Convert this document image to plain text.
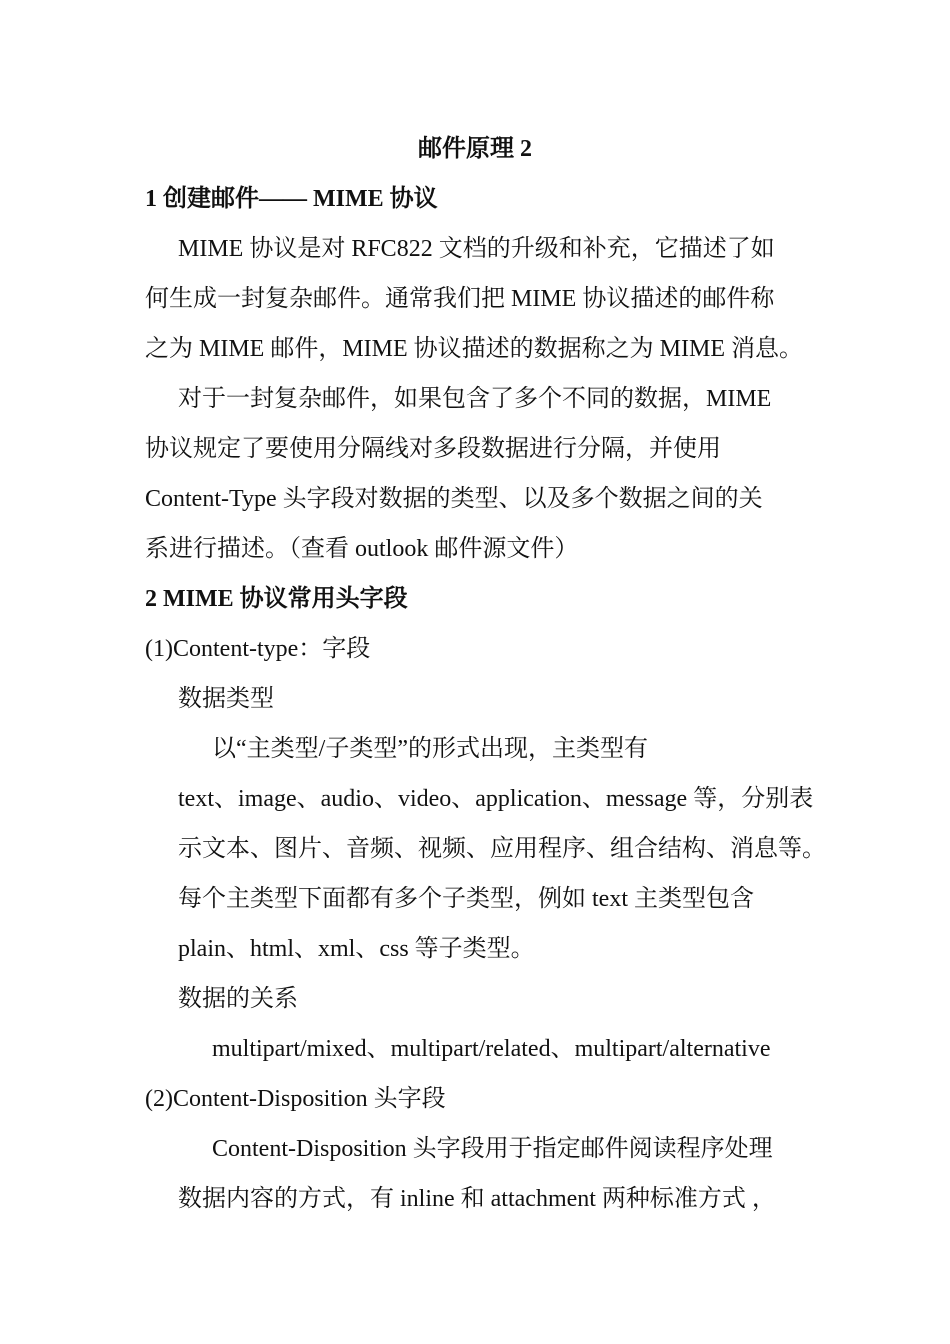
邮件原理 2
1 创建邮件—— MIME 协议
MIME 协议是对 RFC822 文档的升级和补充，它描述了如
何生成一封复杂邮件。通常我们把 MIME 协议描述的邮件称
之为 MIME 邮件，MIME 协议描述的数据称之为 MIME 消息。
对于一封复杂邮件，如果包含了多个不同的数据，MIME
协议规定了要使用分隔线对多段数据进行分隔，并使用
Content-Type 头字段对数据的类型、以及多个数据之间的关
系进行描述。（查看 outlook 邮件源文件）
2 MIME 协议常用头字段
(1)Content-type：字段
数据类型
以“主类型/子类型”的形式出现，主类型有
text、image、audio、video、application、message 等，分别表
示文本、图片、音频、视频、应用程序、组合结构、消息等。
每个主类型下面都有多个子类型，例如 text 主类型包含
plain、html、xml、css 等子类型。
数据的关系
multipart/mixed、multipart/related、multipart/alternative
(2)Content-Disposition 头字段
Content-Disposition 头字段用于指定邮件阅读程序处理
数据内容的方式，有 inline 和 attachment 两种标准方式 ，
